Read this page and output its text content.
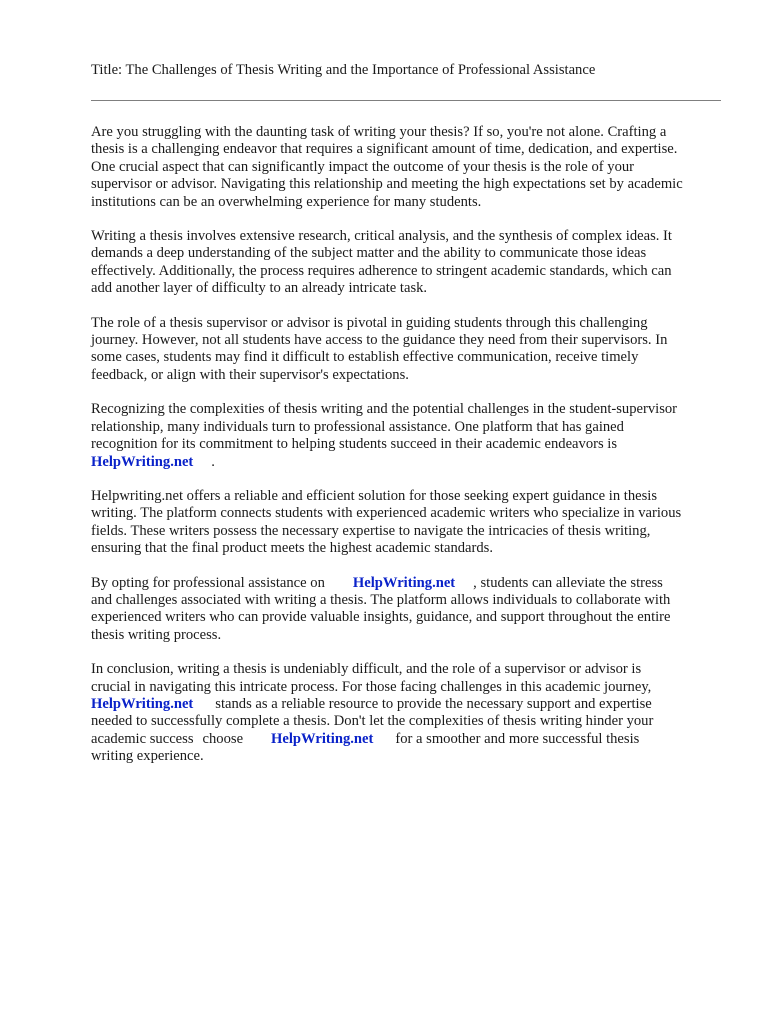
Title: The Challenges of Thesis Writing and the Importance of Professional Assistance

Are you struggling with the daunting task of writing your thesis? If so, you're not alone. Crafting a
thesis is a challenging endeavor that requires a significant amount of time, dedication, and expertise.
One crucial aspect that can significantly impact the outcome of your thesis is the role of your
supervisor or advisor. Navigating this relationship and meeting the high expectations set by academic
institutions can be an overwhelming experience for many students.

Writing a thesis involves extensive research, critical analysis, and the synthesis of complex ideas. It
demands a deep understanding of the subject matter and the ability to communicate those ideas
effectively. Additionally, the process requires adherence to stringent academic standards, which can
add another layer of difficulty to an already intricate task.

The role of a thesis supervisor or advisor is pivotal in guiding students through this challenging
journey. However, not all students have access to the guidance they need from their supervisors. In
some cases, students may find it difficult to establish effective communication, receive timely
feedback, or align with their supervisor's expectations.

Recognizing the complexities of thesis writing and the potential challenges in the student-supervisor
relationship, many individuals turn to professional assistance. One platform that has gained
recognition for its commitment to helping students succeed in their academic endeavors is
HelpWriting.net .

Helpwriting.net offers a reliable and efficient solution for those seeking expert guidance in thesis
writing. The platform connects students with experienced academic writers who specialize in various
fields. These writers possess the necessary expertise to navigate the intricacies of thesis writing,
ensuring that the final product meets the highest academic standards.

By opting for professional assistance on HelpWriting.net , students can alleviate the stress
and challenges associated with writing a thesis. The platform allows individuals to collaborate with
experienced writers who can provide valuable insights, guidance, and support throughout the entire
thesis writing process.

In conclusion, writing a thesis is undeniably difficult, and the role of a supervisor or advisor is
crucial in navigating this intricate process. For those facing challenges in this academic journey,
HelpWriting.net stands as a reliable resource to provide the necessary support and expertise
needed to successfully complete a thesis. Don't let the complexities of thesis writing hinder your
academic success choose HelpWriting.net for a smoother and more successful thesis
writing experience.
